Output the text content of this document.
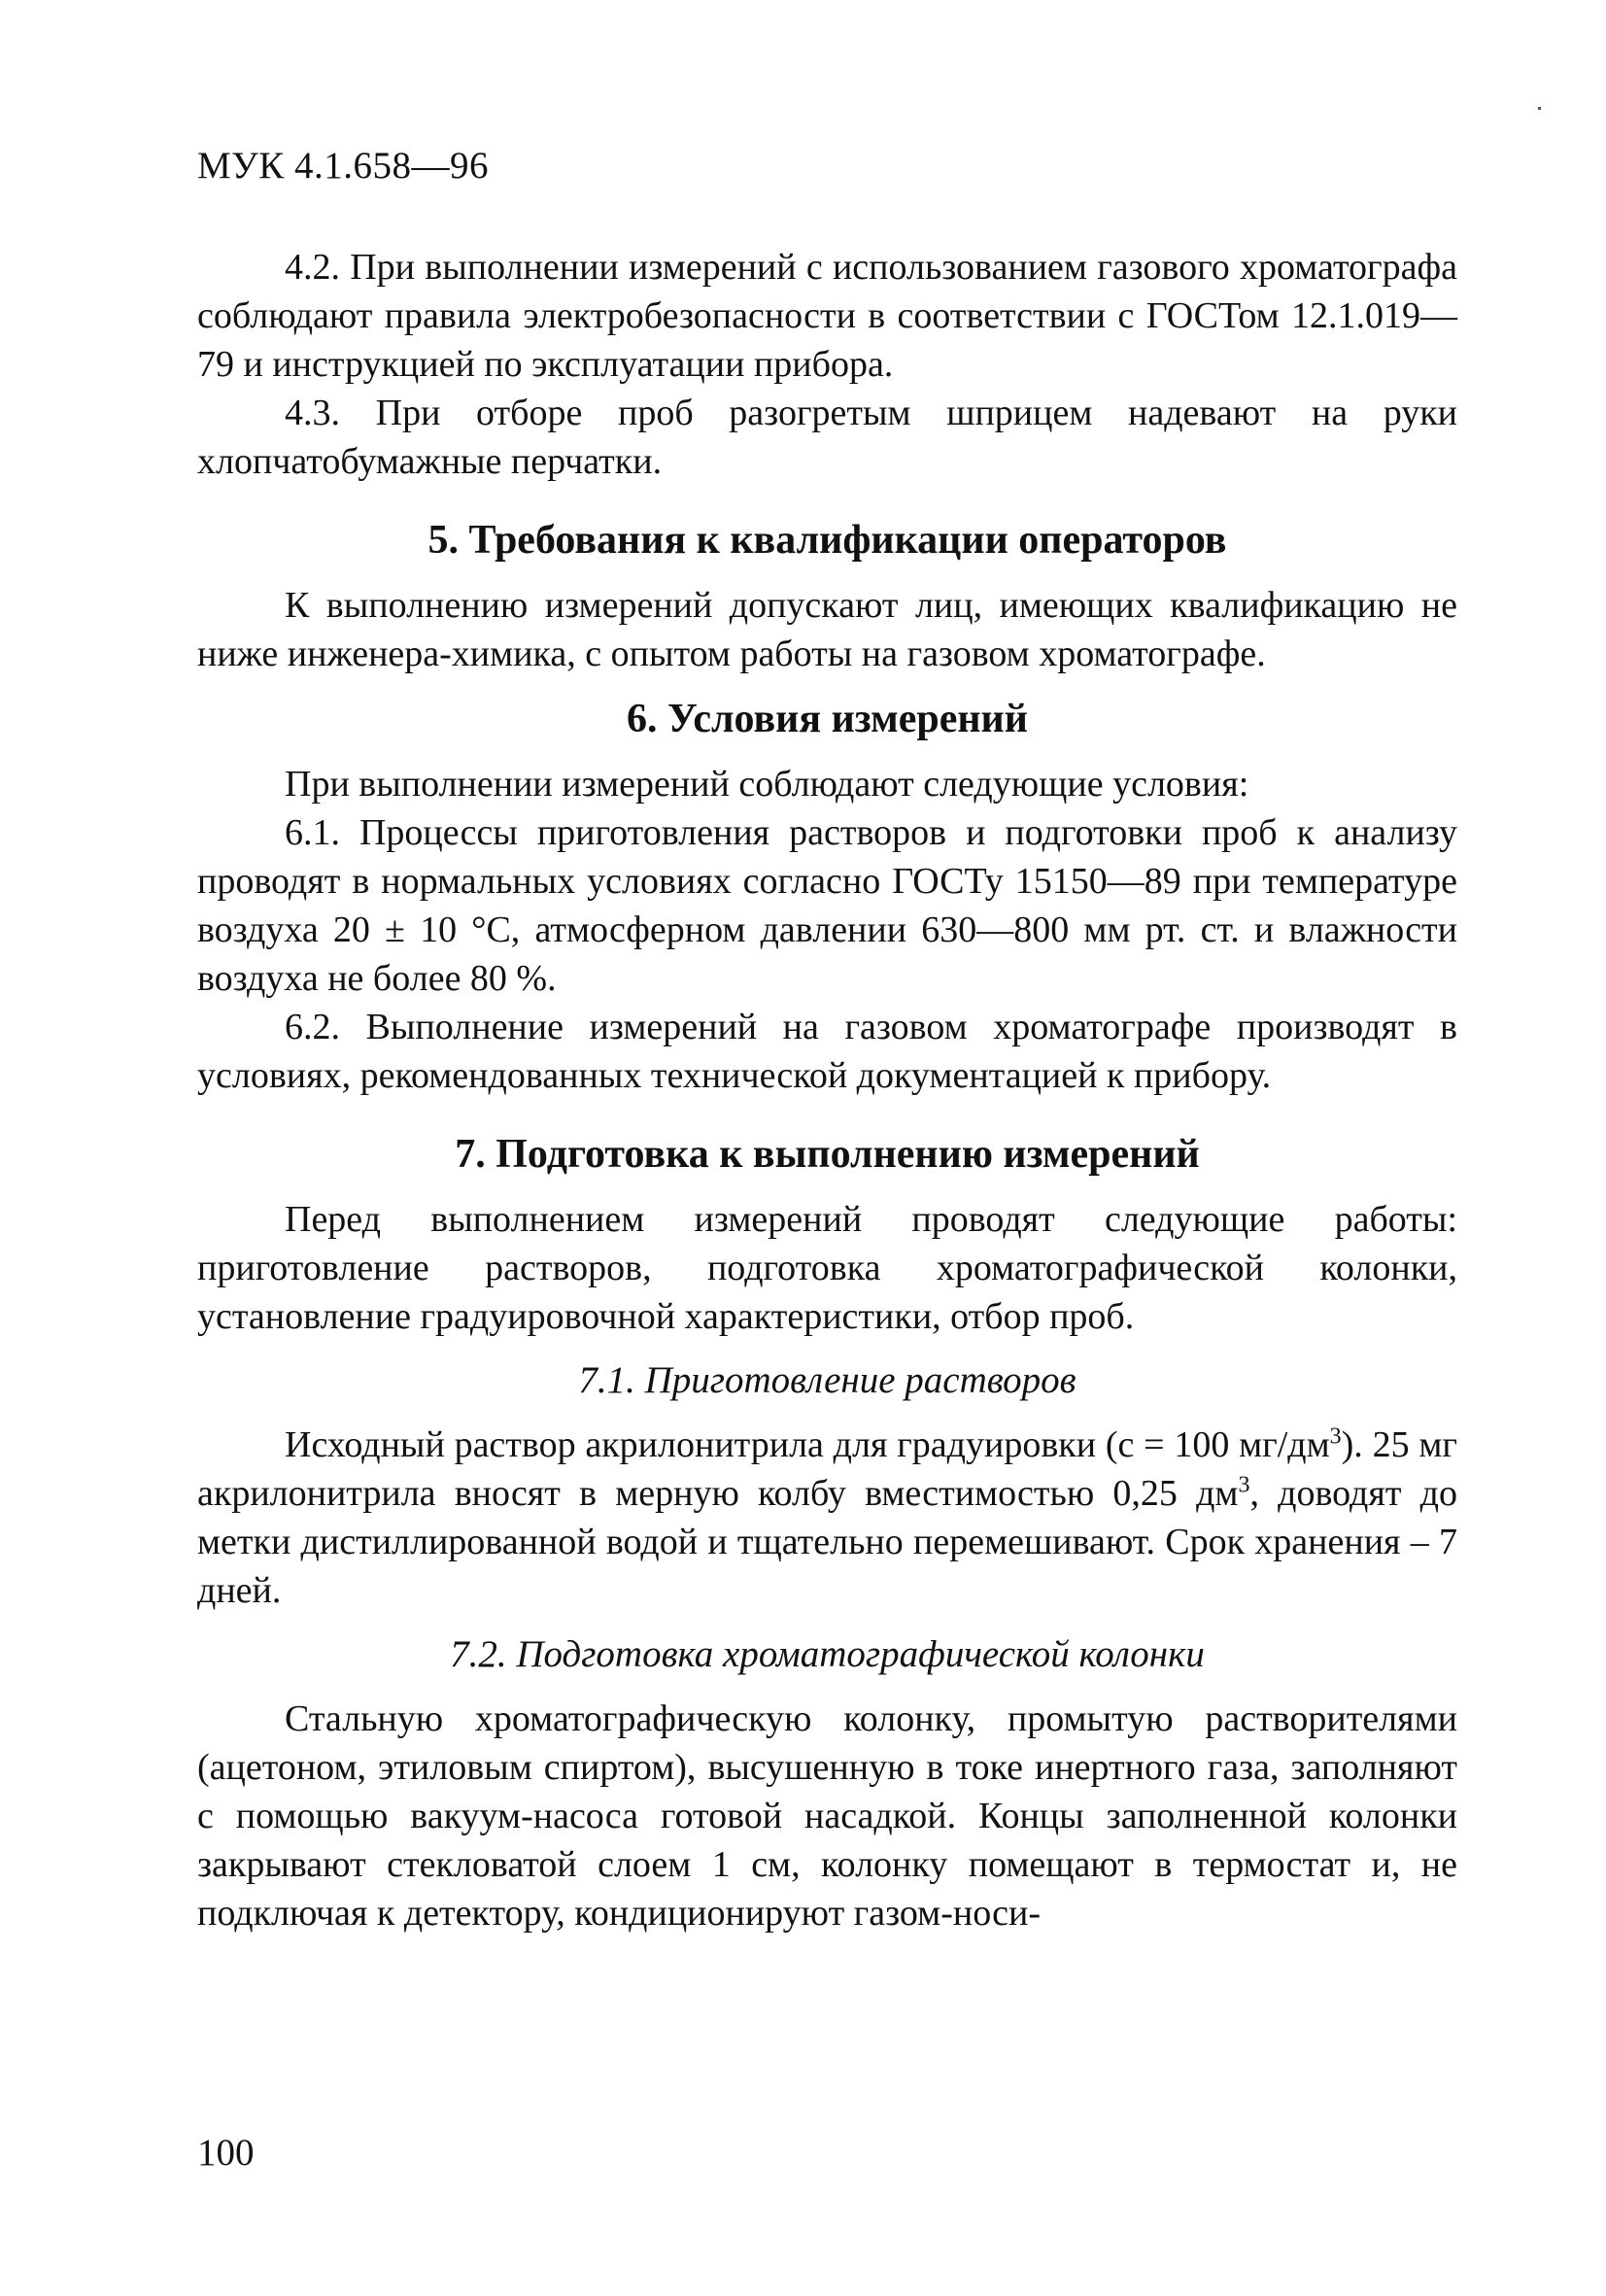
МУК 4.1.658—96

4.2. При выполнении измерений с использованием газового хроматографа соблюдают правила электробезопасности в соответствии с ГОСТом 12.1.019—79 и инструкцией по эксплуатации прибора.

4.3. При отборе проб разогретым шприцем надевают на руки хлопчатобумажные перчатки.

5. Требования к квалификации операторов

К выполнению измерений допускают лиц, имеющих квалификацию не ниже инженера-химика, с опытом работы на газовом хроматографе.

6. Условия измерений

При выполнении измерений соблюдают следующие условия:

6.1. Процессы приготовления растворов и подготовки проб к анализу проводят в нормальных условиях согласно ГОСТу 15150—89 при температуре воздуха 20 ± 10 °С, атмосферном давлении 630—800 мм рт. ст. и влажности воздуха не более 80 %.

6.2. Выполнение измерений на газовом хроматографе производят в условиях, рекомендованных технической документацией к прибору.

7. Подготовка к выполнению измерений

Перед выполнением измерений проводят следующие работы: приготовление растворов, подготовка хроматографической колонки, установление градуировочной характеристики, отбор проб.

7.1. Приготовление растворов

Исходный раствор акрилонитрила для градуировки (с = 100 $мг/дм^3$). 25 мг акрилонитрила вносят в мерную колбу вместимостью 0,25 $дм^3$, доводят до метки дистиллированной водой и тщательно перемешивают. Срок хранения – 7 дней.

7.2. Подготовка хроматографической колонки

Стальную хроматографическую колонку, промытую растворителями (ацетоном, этиловым спиртом), высушенную в токе инертного газа, заполняют с помощью вакуум-насоса готовой насадкой. Концы заполненной колонки закрывают стекловатой слоем 1 см, колонку помещают в термостат и, не подключая к детектору, кондиционируют газом-носи-

100
